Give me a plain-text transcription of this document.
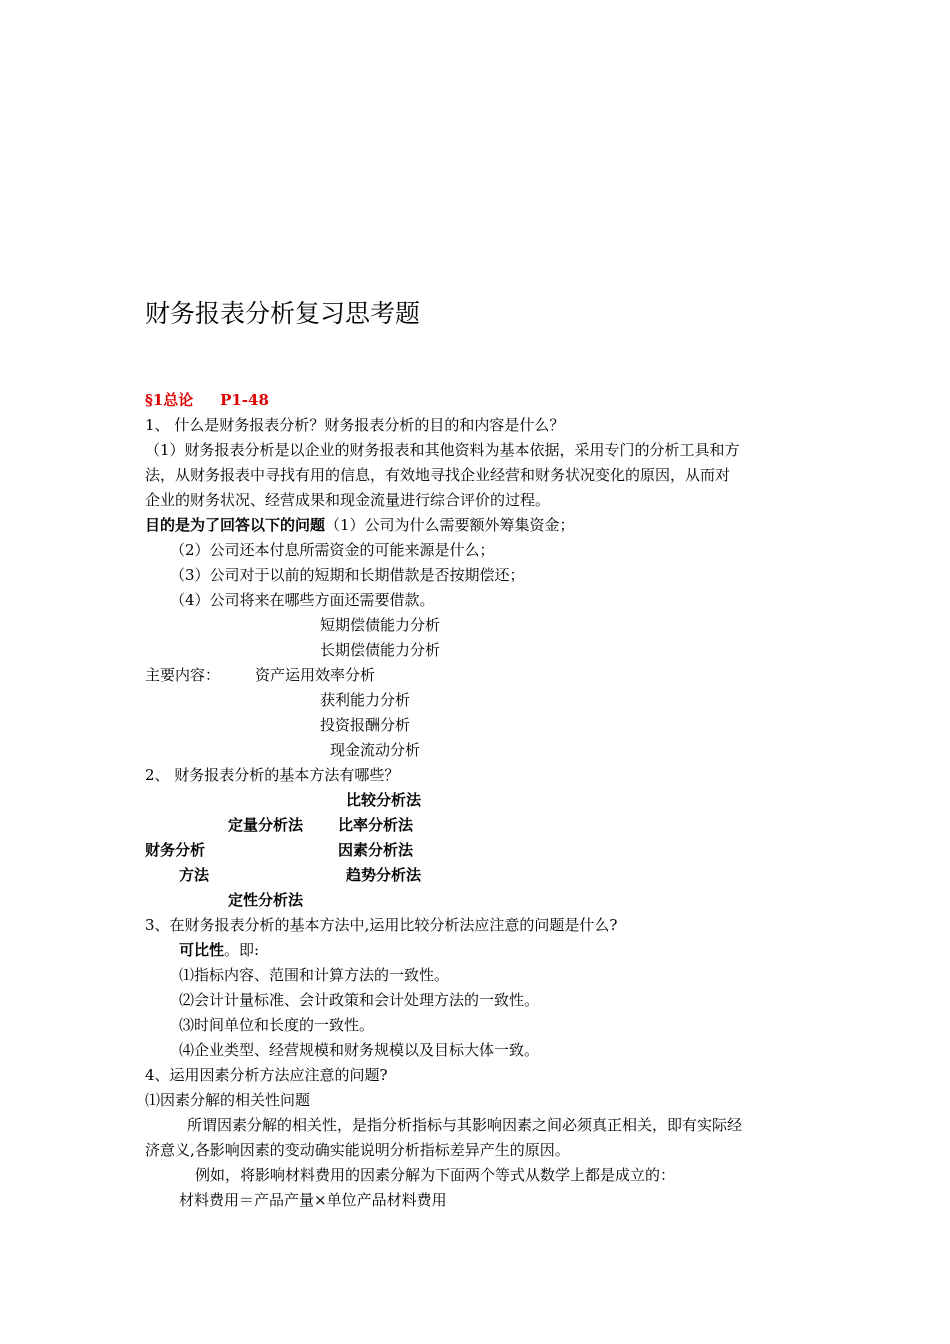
财务报表分析复习思考题
§1总论 P1-48
1、 什么是财务报表分析？财务报表分析的目的和内容是什么？
（1）财务报表分析是以企业的财务报表和其他资料为基本依据，采用专门的分析工具和方
法，从财务报表中寻找有用的信息，有效地寻找企业经营和财务状况变化的原因，从而对
企业的财务状况、经营成果和现金流量进行综合评价的过程。
目的是为了回答以下的问题（1）公司为什么需要额外筹集资金；
（2）公司还本付息所需资金的可能来源是什么；
（3）公司对于以前的短期和长期借款是否按期偿还；
（4）公司将来在哪些方面还需要借款。
短期偿债能力分析
长期偿债能力分析
主要内容： 资产运用效率分析
获利能力分析
投资报酬分析
现金流动分析
2、 财务报表分析的基本方法有哪些？
比较分析法
定量分析法 比率分析法
财务分析	因素分析法
方法	趋势分析法
定性分析法
3、在财务报表分析的基本方法中,运用比较分析法应注意的问题是什么?
可比性。即:
⑴指标内容、范围和计算方法的一致性。
⑵会计计量标准、会计政策和会计处理方法的一致性。
⑶时间单位和长度的一致性。
⑷企业类型、经营规模和财务规模以及目标大体一致。
4、运用因素分析方法应注意的问题?
⑴因素分解的相关性问题
所谓因素分解的相关性，是指分析指标与其影响因素之间必须真正相关，即有实际经
济意义,各影响因素的变动确实能说明分析指标差异产生的原因。
例如，将影响材料费用的因素分解为下面两个等式从数学上都是成立的：
材料费用＝产品产量×单位产品材料费用
